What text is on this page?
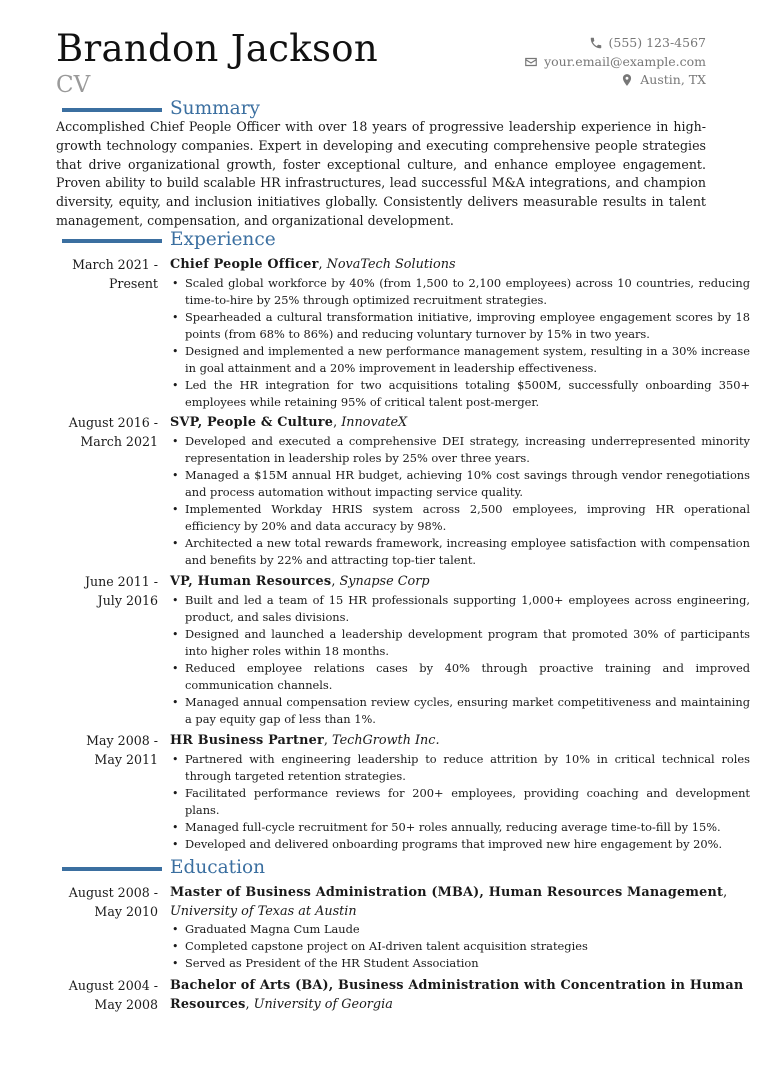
Brandon Jackson
CV
(555) 123-4567
your.email@example.com
Austin, TX
Summary
Accomplished Chief People Officer with over 18 years of progressive leadership experience in high-growth technology companies. Expert in developing and executing comprehensive people strategies that drive organizational growth, foster exceptional culture, and enhance employee engagement. Proven ability to build scalable HR infrastructures, lead successful M&A integrations, and champion diversity, equity, and inclusion initiatives globally. Consistently delivers measurable results in talent management, compensation, and organizational development.
Experience
March 2021 -
Present
Chief People Officer, NovaTech Solutions
• Scaled global workforce by 40% (from 1,500 to 2,100 employees) across 10 countries, reducing time-to-hire by 25% through optimized recruitment strategies.
• Spearheaded a cultural transformation initiative, improving employee engagement scores by 18 points (from 68% to 86%) and reducing voluntary turnover by 15% in two years.
• Designed and implemented a new performance management system, resulting in a 30% increase in goal attainment and a 20% improvement in leadership effectiveness.
• Led the HR integration for two acquisitions totaling $500M, successfully onboarding 350+ employees while retaining 95% of critical talent post-merger.
August 2016 -
March 2021
SVP, People & Culture, InnovateX
• Developed and executed a comprehensive DEI strategy, increasing underrepresented minority representation in leadership roles by 25% over three years.
• Managed a $15M annual HR budget, achieving 10% cost savings through vendor renegotiations and process automation without impacting service quality.
• Implemented Workday HRIS system across 2,500 employees, improving HR operational efficiency by 20% and data accuracy by 98%.
• Architected a new total rewards framework, increasing employee satisfaction with compensation and benefits by 22% and attracting top-tier talent.
June 2011 -
July 2016
VP, Human Resources, Synapse Corp
• Built and led a team of 15 HR professionals supporting 1,000+ employees across engineering, product, and sales divisions.
• Designed and launched a leadership development program that promoted 30% of participants into higher roles within 18 months.
• Reduced employee relations cases by 40% through proactive training and improved communication channels.
• Managed annual compensation review cycles, ensuring market competitiveness and maintaining a pay equity gap of less than 1%.
May 2008 -
May 2011
HR Business Partner, TechGrowth Inc.
• Partnered with engineering leadership to reduce attrition by 10% in critical technical roles through targeted retention strategies.
• Facilitated performance reviews for 200+ employees, providing coaching and development plans.
• Managed full-cycle recruitment for 50+ roles annually, reducing average time-to-fill by 15%.
• Developed and delivered onboarding programs that improved new hire engagement by 20%.
Education
August 2008 -
May 2010
Master of Business Administration (MBA), Human Resources Management, University of Texas at Austin
• Graduated Magna Cum Laude
• Completed capstone project on AI-driven talent acquisition strategies
• Served as President of the HR Student Association
August 2004 -
May 2008
Bachelor of Arts (BA), Business Administration with Concentration in Human Resources, University of Georgia
